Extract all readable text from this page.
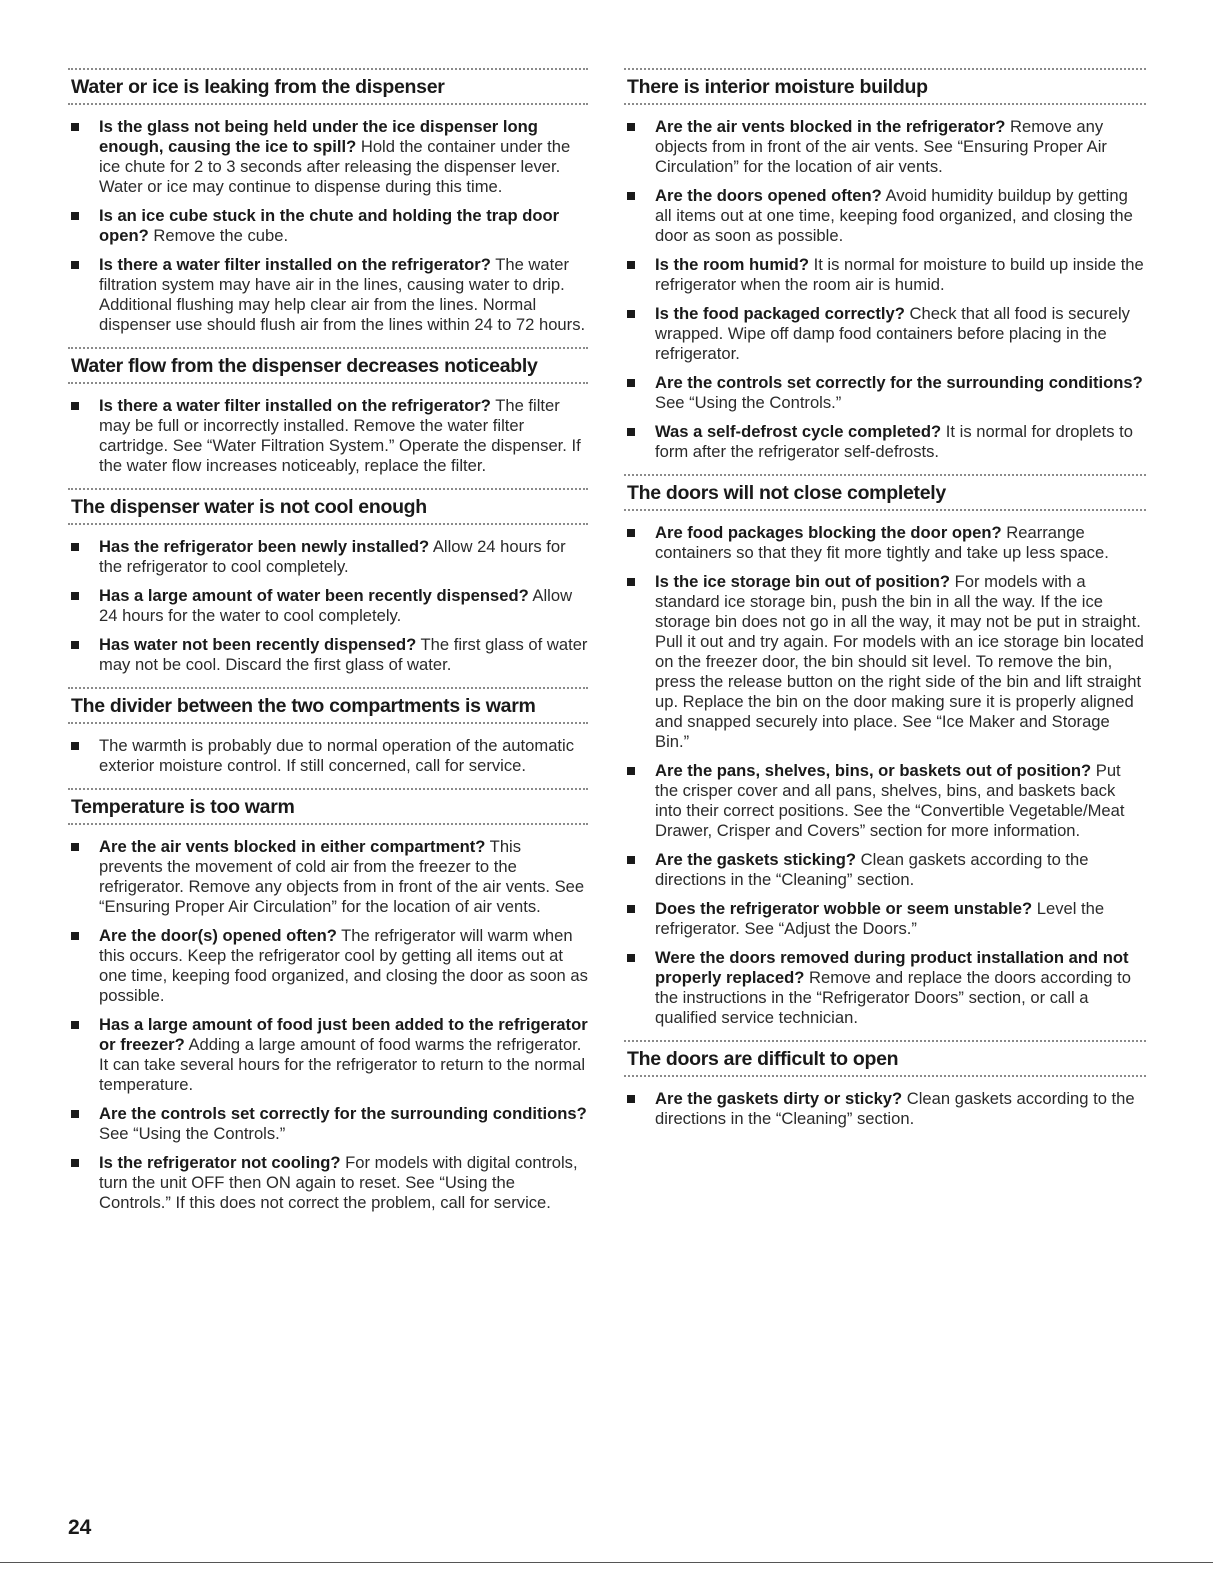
Water or ice is leaking from the dispenser
Is the glass not being held under the ice dispenser long enough, causing the ice to spill? Hold the container under the ice chute for 2 to 3 seconds after releasing the dispenser lever. Water or ice may continue to dispense during this time.
Is an ice cube stuck in the chute and holding the trap door open? Remove the cube.
Is there a water filter installed on the refrigerator? The water filtration system may have air in the lines, causing water to drip. Additional flushing may help clear air from the lines. Normal dispenser use should flush air from the lines within 24 to 72 hours.
Water flow from the dispenser decreases noticeably
Is there a water filter installed on the refrigerator? The filter may be full or incorrectly installed. Remove the water filter cartridge. See “Water Filtration System.” Operate the dispenser. If the water flow increases noticeably, replace the filter.
The dispenser water is not cool enough
Has the refrigerator been newly installed? Allow 24 hours for the refrigerator to cool completely.
Has a large amount of water been recently dispensed? Allow 24 hours for the water to cool completely.
Has water not been recently dispensed? The first glass of water may not be cool. Discard the first glass of water.
The divider between the two compartments is warm
The warmth is probably due to normal operation of the automatic exterior moisture control. If still concerned, call for service.
Temperature is too warm
Are the air vents blocked in either compartment? This prevents the movement of cold air from the freezer to the refrigerator. Remove any objects from in front of the air vents. See “Ensuring Proper Air Circulation” for the location of air vents.
Are the door(s) opened often? The refrigerator will warm when this occurs. Keep the refrigerator cool by getting all items out at one time, keeping food organized, and closing the door as soon as possible.
Has a large amount of food just been added to the refrigerator or freezer? Adding a large amount of food warms the refrigerator. It can take several hours for the refrigerator to return to the normal temperature.
Are the controls set correctly for the surrounding conditions? See “Using the Controls.”
Is the refrigerator not cooling? For models with digital controls, turn the unit OFF then ON again to reset. See “Using the Controls.” If this does not correct the problem, call for service.
There is interior moisture buildup
Are the air vents blocked in the refrigerator? Remove any objects from in front of the air vents. See “Ensuring Proper Air Circulation” for the location of air vents.
Are the doors opened often? Avoid humidity buildup by getting all items out at one time, keeping food organized, and closing the door as soon as possible.
Is the room humid? It is normal for moisture to build up inside the refrigerator when the room air is humid.
Is the food packaged correctly? Check that all food is securely wrapped. Wipe off damp food containers before placing in the refrigerator.
Are the controls set correctly for the surrounding conditions? See “Using the Controls.”
Was a self-defrost cycle completed? It is normal for droplets to form after the refrigerator self-defrosts.
The doors will not close completely
Are food packages blocking the door open? Rearrange containers so that they fit more tightly and take up less space.
Is the ice storage bin out of position? For models with a standard ice storage bin, push the bin in all the way. If the ice storage bin does not go in all the way, it may not be put in straight. Pull it out and try again. For models with an ice storage bin located on the freezer door, the bin should sit level. To remove the bin, press the release button on the right side of the bin and lift straight up. Replace the bin on the door making sure it is properly aligned and snapped securely into place. See “Ice Maker and Storage Bin.”
Are the pans, shelves, bins, or baskets out of position? Put the crisper cover and all pans, shelves, bins, and baskets back into their correct positions. See the “Convertible Vegetable/Meat Drawer, Crisper and Covers” section for more information.
Are the gaskets sticking? Clean gaskets according to the directions in the “Cleaning” section.
Does the refrigerator wobble or seem unstable? Level the refrigerator. See “Adjust the Doors.”
Were the doors removed during product installation and not properly replaced? Remove and replace the doors according to the instructions in the “Refrigerator Doors” section, or call a qualified service technician.
The doors are difficult to open
Are the gaskets dirty or sticky? Clean gaskets according to the directions in the “Cleaning” section.
24
